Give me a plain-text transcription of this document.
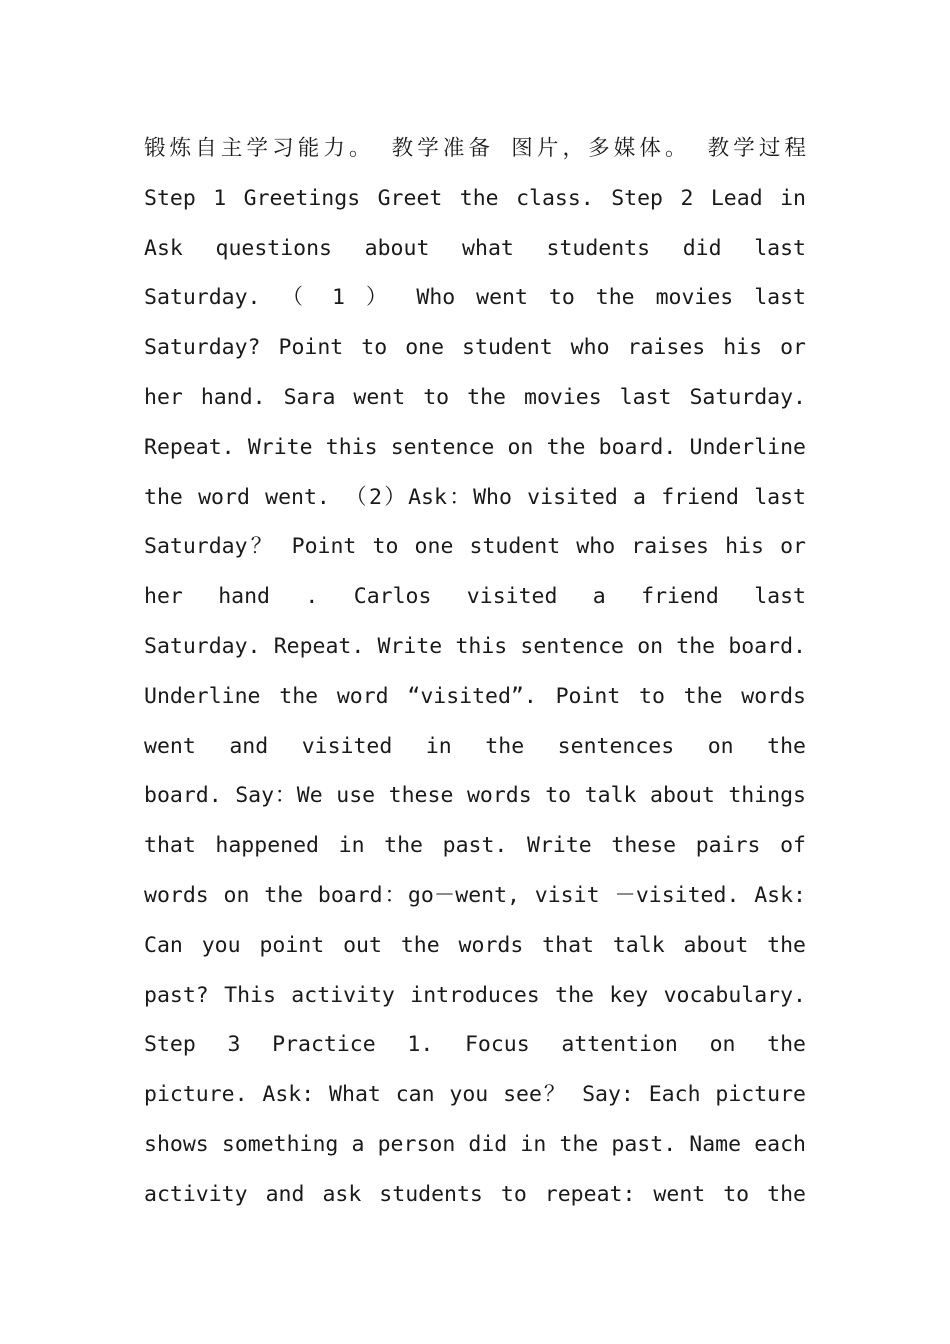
锻炼自主学习能力。 教学准备 图片，多媒体。 教学过程
Step 1 Greetings Greet the class. Step 2 Lead in
Ask questions about what students did last
Saturday. （ 1 ） Who went to the movies last
Saturday? Point to one student who raises his or
her hand. Sara went to the movies last Saturday.
Repeat. Write this sentence on the board. Underline
the word went. （2）Ask：Who visited a friend last
Saturday？ Point to one student who raises his or
her hand . Carlos visited a friend last
Saturday. Repeat. Write this sentence on the board.
Underline the word “visited”. Point to the words
went and visited in the sentences on the
board. Say：We use these words to talk about things
that happened in the past. Write these pairs of
words on the board：go－went, visit －visited. Ask:
Can you point out the words that talk about the
past? This activity introduces the key vocabulary.
Step 3 Practice 1. Focus attention on the
picture. Ask: What can you see？ Say: Each picture
shows something a person did in the past. Name each
activity and ask students to repeat: went to the
